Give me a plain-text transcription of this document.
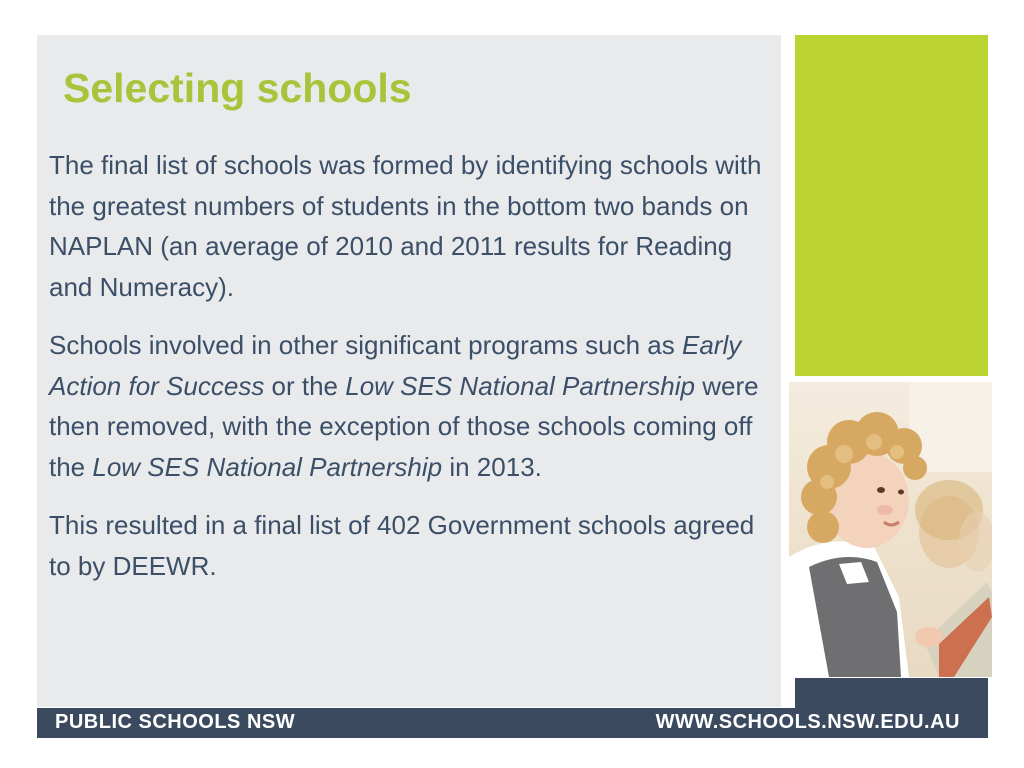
Selecting schools

The final list of schools was formed by identifying schools with the greatest numbers of students in the bottom two bands on NAPLAN (an average of 2010 and 2011 results for Reading and Numeracy).

Schools involved in other significant programs such as Early Action for Success or the Low SES National Partnership were then removed, with the exception of those schools coming off the Low SES National Partnership in 2013.

This resulted in a final list of 402 Government schools agreed to by DEEWR.

PUBLIC SCHOOLS NSW	WWW.SCHOOLS.NSW.EDU.AU
